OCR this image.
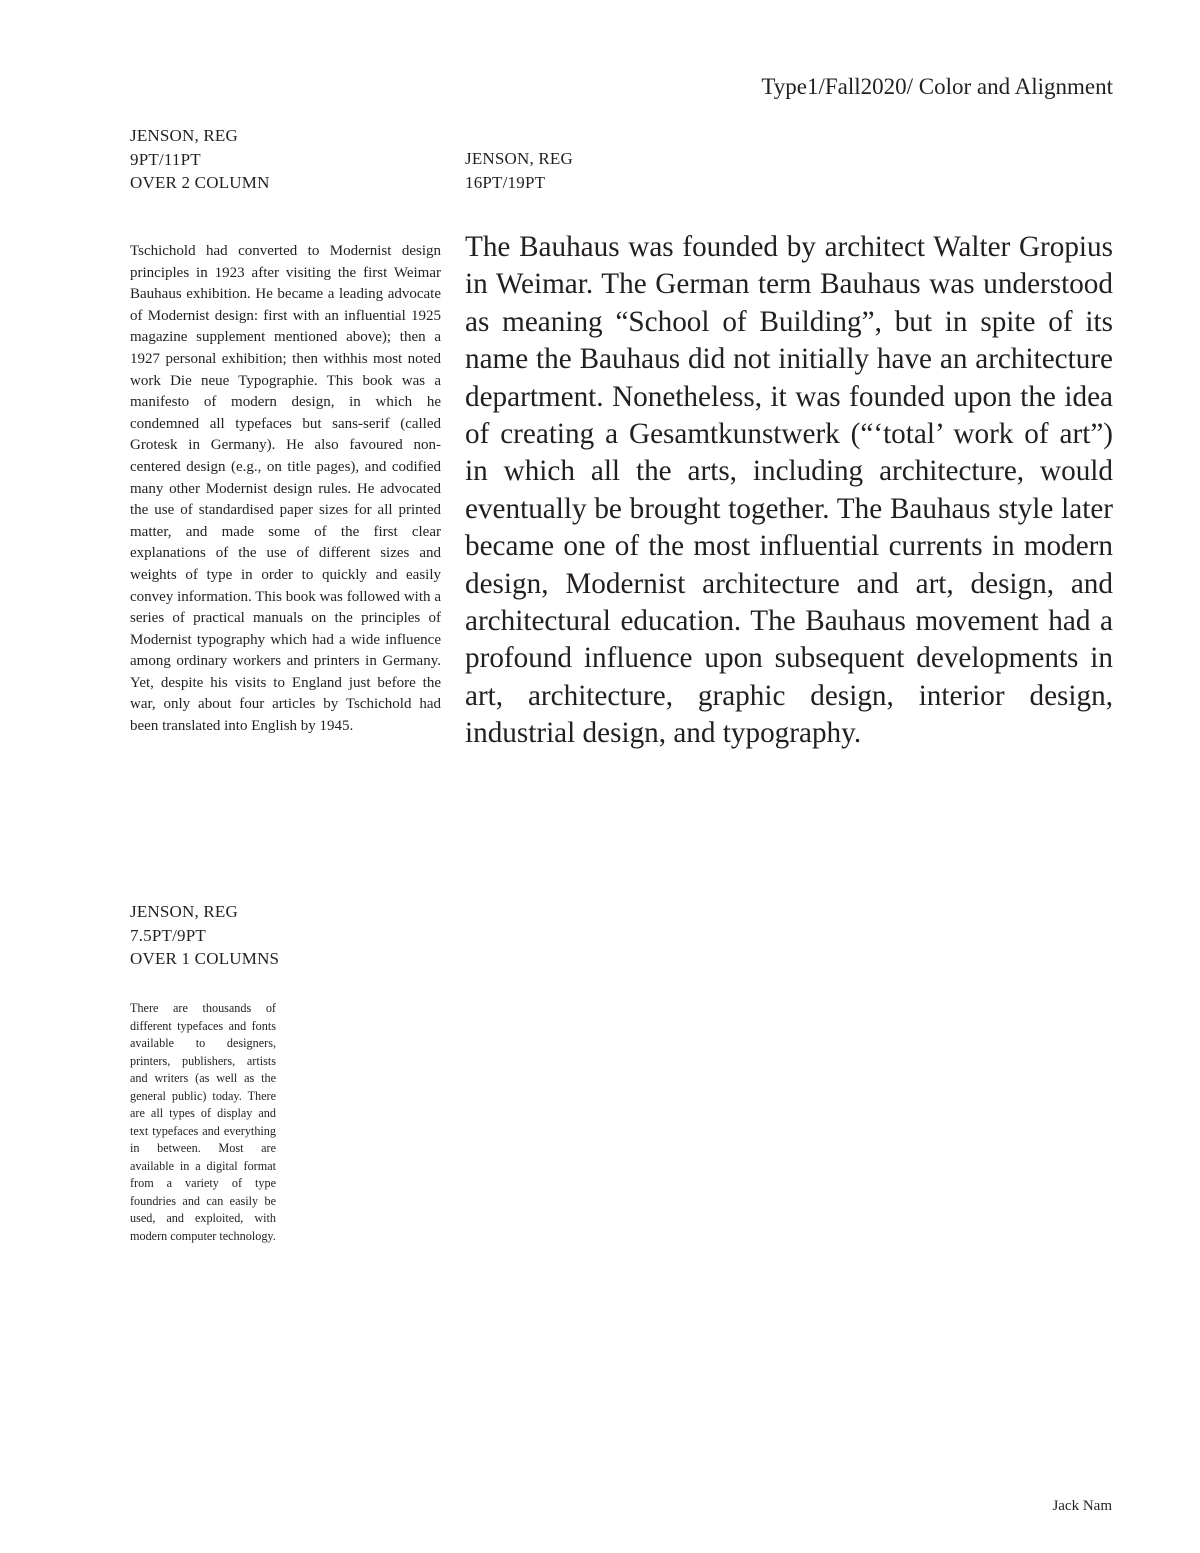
Type1/Fall2020/ Color and Alignment
JENSON, REG
9PT/11PT
OVER 2 COLUMN
JENSON, REG
16PT/19PT
Tschichold had converted to Modernist design principles in 1923 after visiting the first Weimar Bauhaus exhibition. He became a leading advocate of Modernist design: first with an influential 1925 magazine supplement mentioned above); then a 1927 personal exhibition; then withhis most noted work Die neue Typographie. This book was a manifesto of modern design, in which he condemned all typefaces but sans-serif (called Grotesk in Germany). He also favoured non-centered design (e.g., on title pages), and codified many other Modernist design rules. He advocated the use of standardised paper sizes for all printed matter, and made some of the first clear explanations of the use of different sizes and weights of type in order to quickly and easily convey information. This book was followed with a series of practical manuals on the principles of Modernist typography which had a wide influence among ordinary workers and printers in Germany. Yet, despite his visits to England just before the war, only about four articles by Tschichold had been translated into English by 1945.
The Bauhaus was founded by architect Walter Gropius in Weimar. The German term Bauhaus was understood as meaning “School of Building”, but in spite of its name the Bauhaus did not initially have an architecture department. Nonetheless, it was founded upon the idea of creating a Gesamtkunstwerk (“‘total’ work of art”) in which all the arts, including architecture, would eventually be brought together. The Bauhaus style later became one of the most influential currents in modern design, Modernist architecture and art, design, and architectural education. The Bauhaus movement had a profound influence upon subsequent developments in art, architecture, graphic design, interior design, industrial design, and typography.
JENSON, REG
7.5PT/9PT
OVER 1 COLUMNS
There are thousands of different typefaces and fonts available to designers, printers, publishers, artists and writers (as well as the general public) today. There are all types of display and text typefaces and everything in between. Most are available in a digital format from a variety of type foundries and can easily be used, and exploited, with modern computer technology.
Jack Nam
